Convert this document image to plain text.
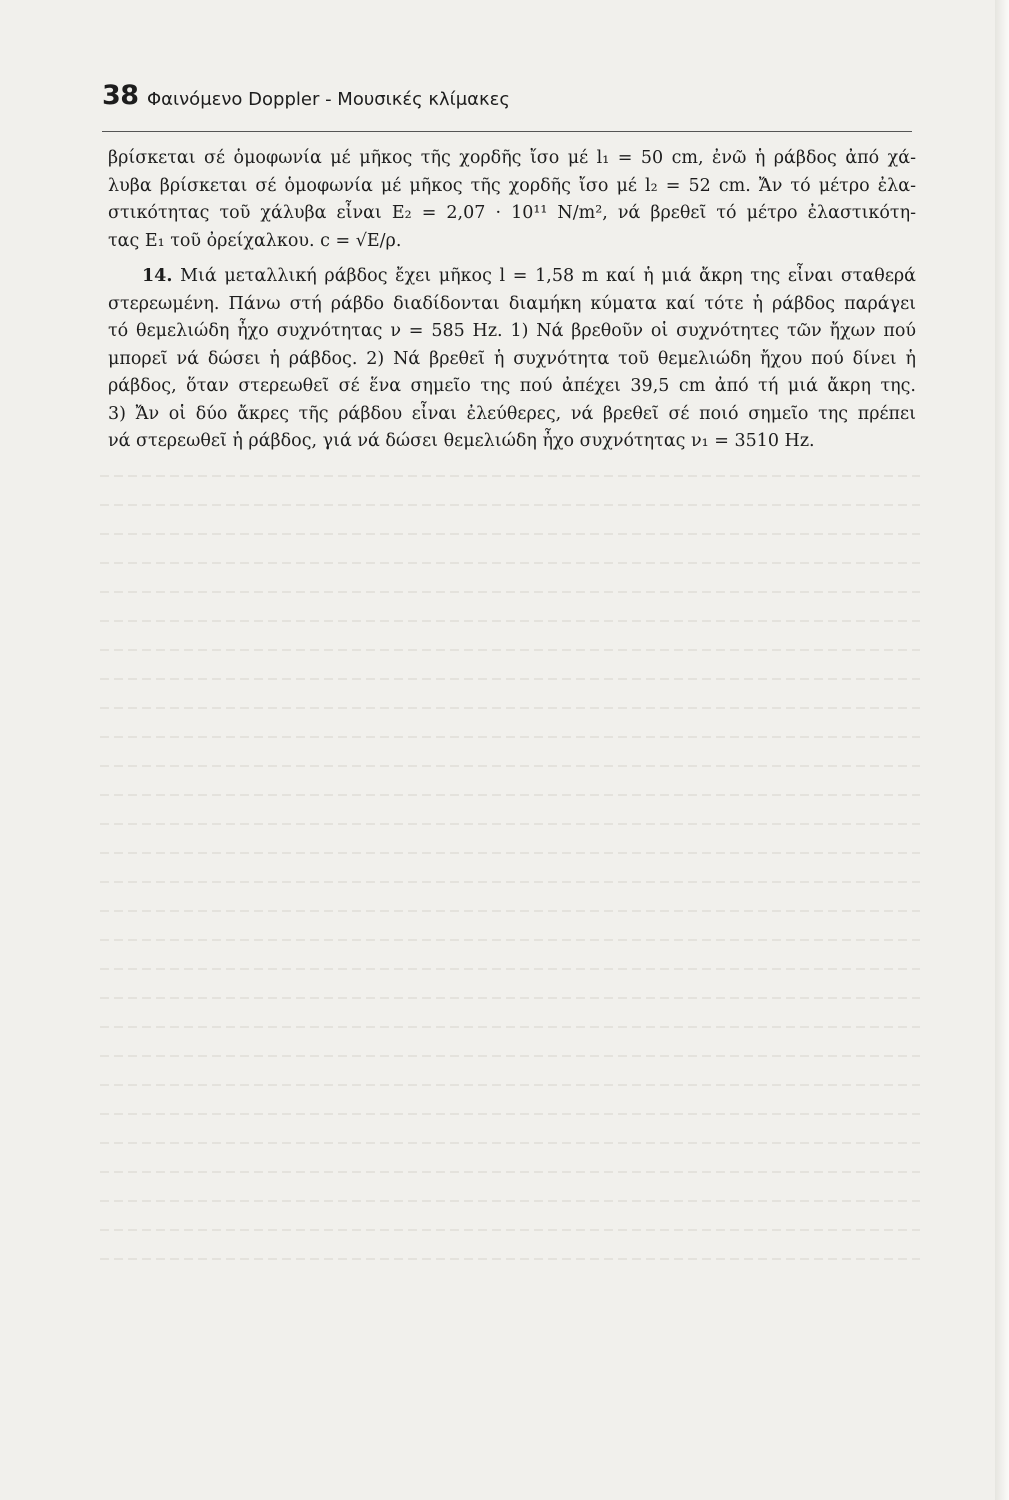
38 Φαινόμενο Doppler - Μουσικές κλίμακες
βρίσκεται σέ ὁμοφωνία μέ μῆκος τῆς χορδῆς ἴσο μέ l₁ = 50 cm, ἐνῶ ἡ ράβδος ἀπό χά-
λυβα βρίσκεται σέ ὁμοφωνία μέ μῆκος τῆς χορδῆς ἴσο μέ l₂ = 52 cm. Ἄν τό μέτρο ἐλα-
στικότητας τοῦ χάλυβα εἶναι E₂ = 2,07 · 10¹¹ N/m², νά βρεθεῖ τό μέτρο ἐλαστικότη-
τας E₁ τοῦ ὀρείχαλκου. c = √E/ρ.
14. Μιά μεταλλική ράβδος ἔχει μῆκος l = 1,58 m καί ἡ μιά ἄκρη της εἶναι σταθερά
στερεωμένη. Πάνω στή ράβδο διαδίδονται διαμήκη κύματα καί τότε ἡ ράβδος παράγει
τό θεμελιώδη ἦχο συχνότητας ν = 585 Hz. 1) Νά βρεθοῦν οἱ συχνότητες τῶν ἤχων πού
μπορεῖ νά δώσει ἡ ράβδος. 2) Νά βρεθεῖ ἡ συχνότητα τοῦ θεμελιώδη ἤχου πού δίνει ἡ
ράβδος, ὅταν στερεωθεῖ σέ ἕνα σημεῖο της πού ἀπέχει 39,5 cm ἀπό τή μιά ἄκρη της.
3) Ἄν οἱ δύο ἄκρες τῆς ράβδου εἶναι ἐλεύθερες, νά βρεθεῖ σέ ποιό σημεῖο της πρέπει
νά στερεωθεῖ ἡ ράβδος, γιά νά δώσει θεμελιώδη ἦχο συχνότητας ν₁ = 3510 Hz.
